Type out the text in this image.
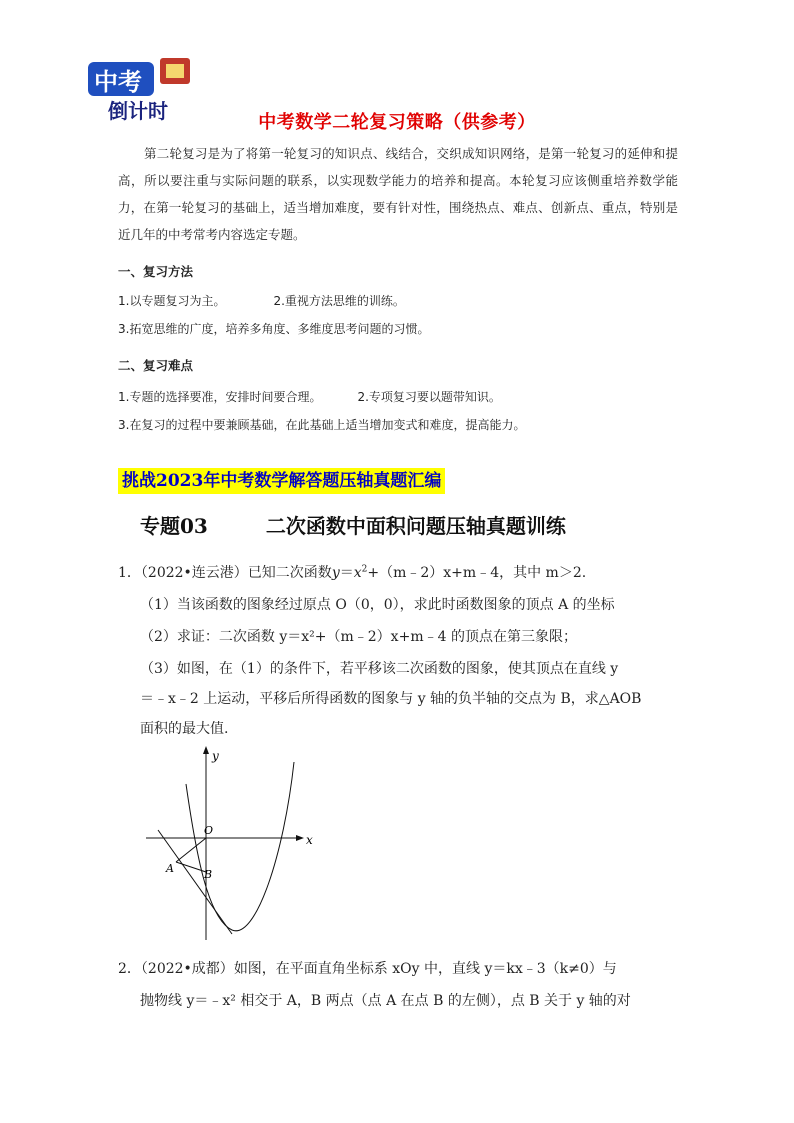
中考
倒计时	中考数学二轮复习策略（供参考）
第二轮复习是为了将第一轮复习的知识点、线结合，交织成知识网络，是第一轮复习的延伸和提高，所以要注重与实际问题的联系，以实现数学能力的培养和提高。本轮复习应该侧重培养数学能力，在第一轮复习的基础上，适当增加难度，要有针对性，围绕热点、难点、创新点、重点，特别是近几年的中考常考内容选定专题。
一、复习方法
1.以专题复习为主。	2.重视方法思维的训练。
3.拓宽思维的广度，培养多角度、多维度思考问题的习惯。
二、复习难点
1.专题的选择要准，安排时间要合理。	2.专项复习要以题带知识。
3.在复习的过程中要兼顾基础，在此基础上适当增加变式和难度，提高能力。
挑战2023年中考数学解答题压轴真题汇编
专题03	二次函数中面积问题压轴真题训练
1．（2022•连云港）已知二次函数$y=x^2+(m﹣2)x+m﹣4$，其中 m＞2.
（1）当该函数的图象经过原点 O（0，0），求此时函数图象的顶点 A 的坐标
（2）求证：二次函数 y＝x²+（m﹣2）x+m﹣4 的顶点在第三象限；
（3）如图，在（1）的条件下，若平移该二次函数的图象，使其顶点在直线 y
＝﹣x﹣2 上运动，平移后所得函数的图象与 y 轴的负半轴的交点为 B，求△AOB
面积的最大值.
y
x
O
A	B
2．（2022•成都）如图，在平面直角坐标系 xOy 中，直线 y＝kx﹣3（k≠0）与
抛物线 y＝﹣x² 相交于 A，B 两点（点 A 在点 B 的左侧），点 B 关于 y 轴的对
